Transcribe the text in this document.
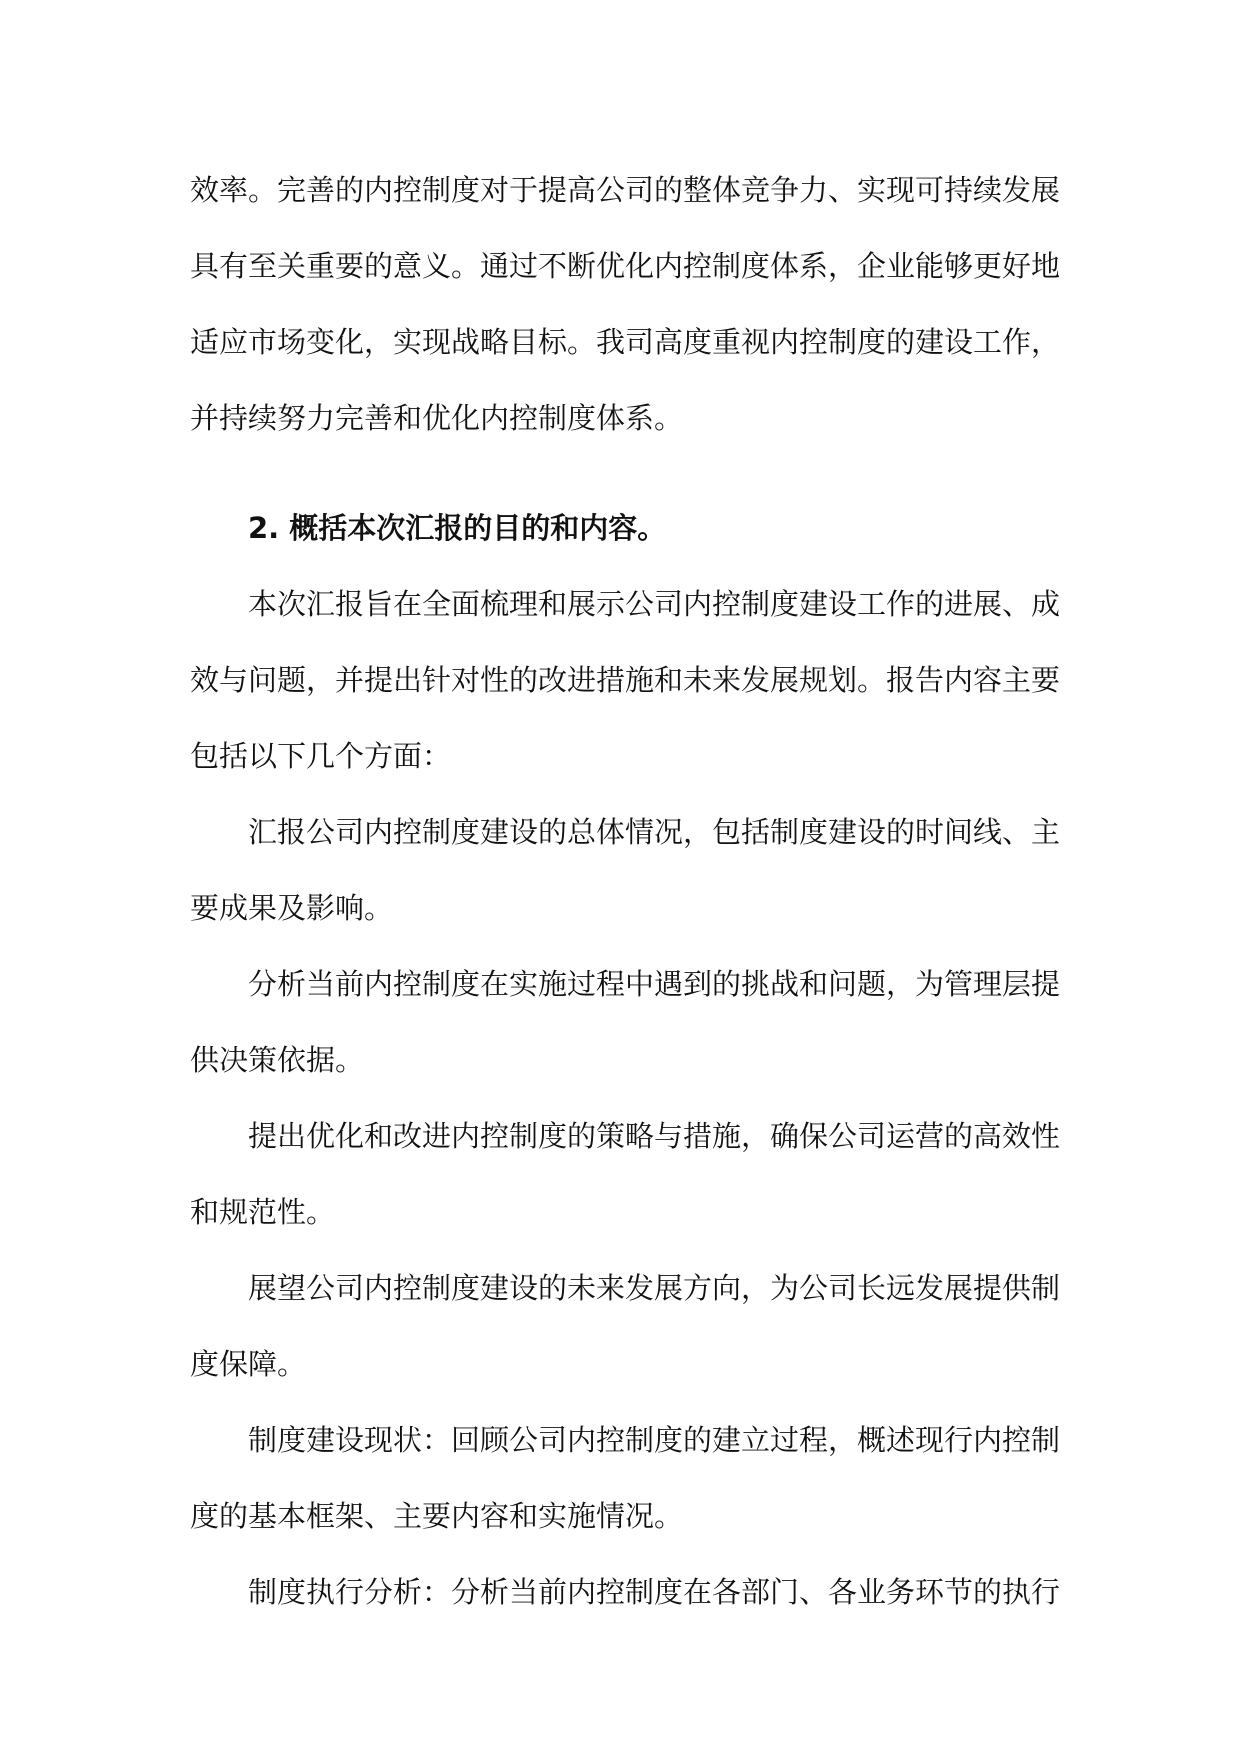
效率。完善的内控制度对于提高公司的整体竞争力、实现可持续发展具有至关重要的意义。通过不断优化内控制度体系，企业能够更好地适应市场变化，实现战略目标。我司高度重视内控制度的建设工作，并持续努力完善和优化内控制度体系。

2. 概括本次汇报的目的和内容。

本次汇报旨在全面梳理和展示公司内控制度建设工作的进展、成效与问题，并提出针对性的改进措施和未来发展规划。报告内容主要包括以下几个方面：

汇报公司内控制度建设的总体情况，包括制度建设的时间线、主要成果及影响。

分析当前内控制度在实施过程中遇到的挑战和问题，为管理层提供决策依据。

提出优化和改进内控制度的策略与措施，确保公司运营的高效性和规范性。

展望公司内控制度建设的未来发展方向，为公司长远发展提供制度保障。

制度建设现状：回顾公司内控制度的建立过程，概述现行内控制度的基本框架、主要内容和实施情况。

制度执行分析：分析当前内控制度在各部门、各业务环节的执行
